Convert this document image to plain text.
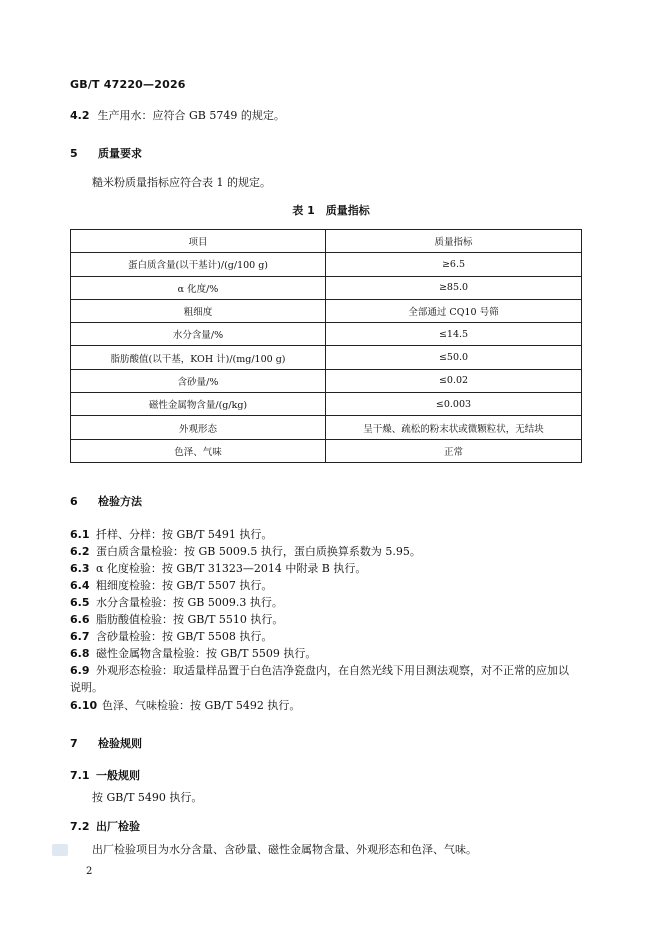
GB/T 47220—2026
4.2 生产用水：应符合 GB 5749 的规定。
5 质量要求
糙米粉质量指标应符合表 1 的规定。
表 1　质量指标
项目	质量指标
蛋白质含量(以干基计)/(g/100 g)	≥6.5
α 化度/%	≥85.0
粗细度	全部通过 CQ10 号筛
水分含量/%	≤14.5
脂肪酸值(以干基，KOH 计)/(mg/100 g)	≤50.0
含砂量/%	≤0.02
磁性金属物含量/(g/kg)	≤0.003
外观形态	呈干燥、疏松的粉末状或微颗粒状，无结块
色泽、气味	正常
6 检验方法
6.1 扦样、分样：按 GB/T 5491 执行。
6.2 蛋白质含量检验：按 GB 5009.5 执行，蛋白质换算系数为 5.95。
6.3 α 化度检验：按 GB/T 31323—2014 中附录 B 执行。
6.4 粗细度检验：按 GB/T 5507 执行。
6.5 水分含量检验：按 GB 5009.3 执行。
6.6 脂肪酸值检验：按 GB/T 5510 执行。
6.7 含砂量检验：按 GB/T 5508 执行。
6.8 磁性金属物含量检验：按 GB/T 5509 执行。
6.9 外观形态检验：取适量样品置于白色洁净瓷盘内，在自然光线下用目测法观察，对不正常的应加以
说明。
6.10 色泽、气味检验：按 GB/T 5492 执行。
7 检验规则
7.1 一般规则
按 GB/T 5490 执行。
7.2 出厂检验
出厂检验项目为水分含量、含砂量、磁性金属物含量、外观形态和色泽、气味。
2
